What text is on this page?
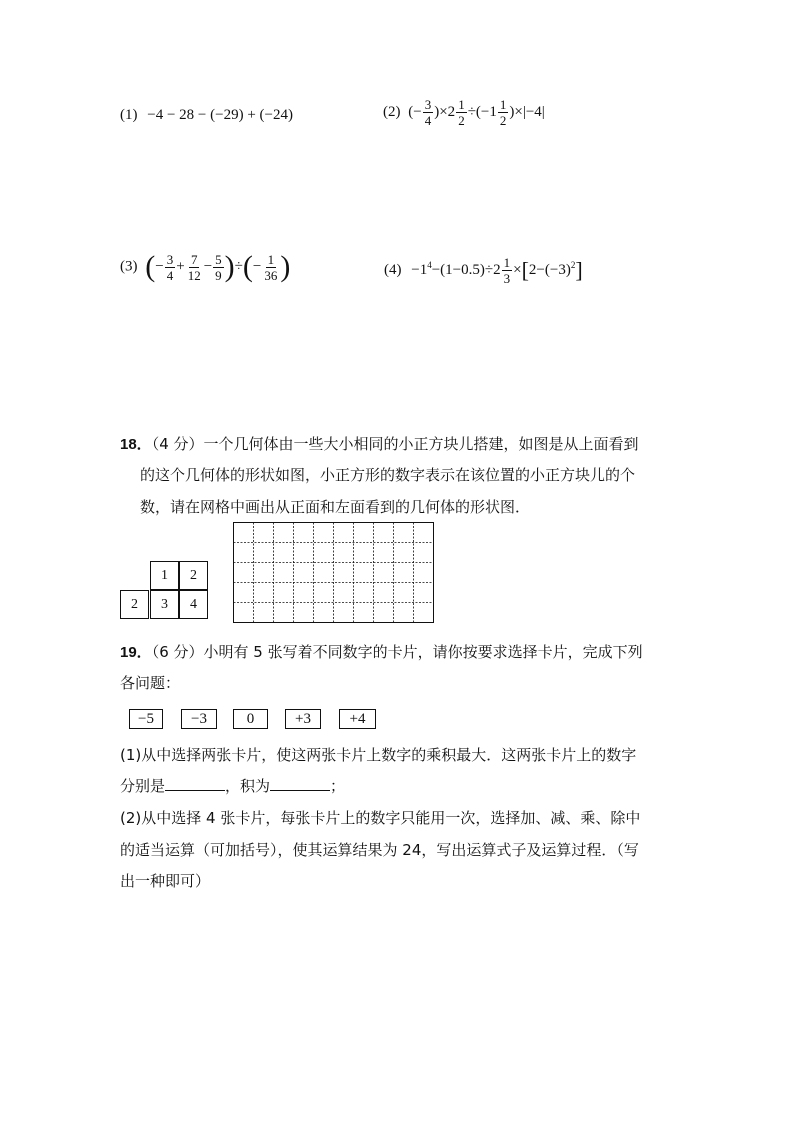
(1) −4 − 28 − (−29) + (−24)	(2) (− $\frac{3}{4} )\times 2 \frac{1}{2} \div(-1 \frac{1}{2} )\times|-4|$
(3) (− $\frac{3}{4} + \frac{7}{12} - \frac{5}{9}$ )÷(− $\frac{1}{36}$ )	$(4) -1^4-(1-0.5)\div 2 \frac{1}{3} \times[2-(-3)^2]$
18．（4 分）一个几何体由一些大小相同的小正方块儿搭建，如图是从上面看到
的这个几何体的形状如图，小正方形的数字表示在该位置的小正方块儿的个
数，请在网格中画出从正面和左面看到的几何体的形状图．
1	2
2	3	4
19．（6 分）小明有 5 张写着不同数字的卡片，请你按要求选择卡片，完成下列
各问题：
−5	−3	0	+3	+4
(1)从中选择两张卡片，使这两张卡片上数字的乘积最大．这两张卡片上的数字
分别是	，积为	；
(2)从中选择 4 张卡片，每张卡片上的数字只能用一次，选择加、减、乘、除中
的适当运算（可加括号），使其运算结果为 24，写出运算式子及运算过程．（写
出一种即可）
